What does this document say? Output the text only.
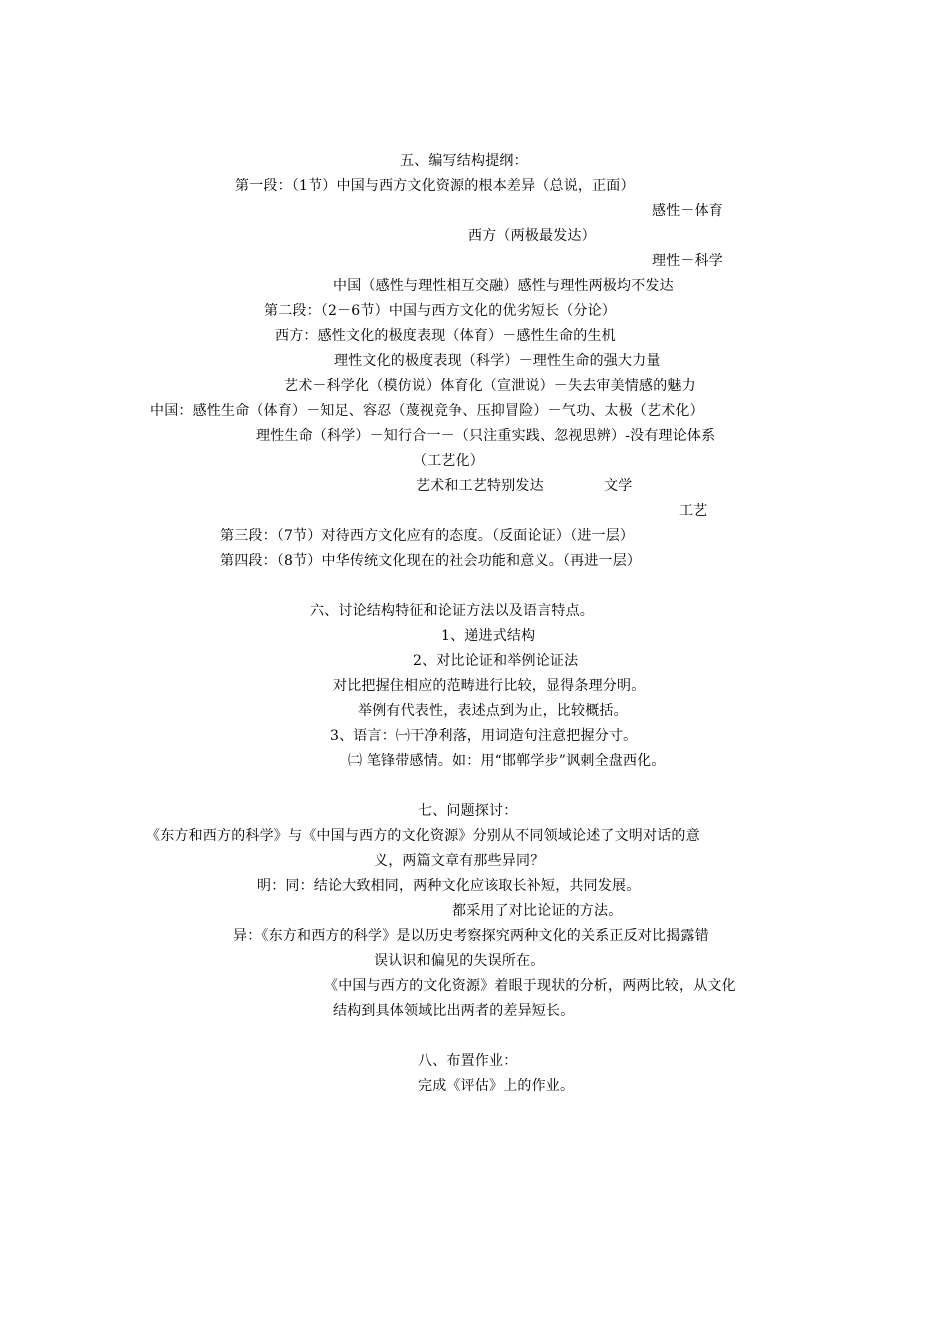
五、编写结构提纲：
第一段：（1节）中国与西方文化资源的根本差异（总说，正面）
感性－体育
西方（两极最发达）
理性－科学
中国（感性与理性相互交融）感性与理性两极均不发达
第二段：（2－6节）中国与西方文化的优劣短长（分论）
西方：感性文化的极度表现（体育）－感性生命的生机
理性文化的极度表现（科学）－理性生命的强大力量
艺术－科学化（模仿说）体育化（宣泄说）－失去审美情感的魅力
中国：感性生命（体育）－知足、容忍（蔑视竞争、压抑冒险）－气功、太极（艺术化）
理性生命（科学）－知行合一－（只注重实践、忽视思辨）-没有理论体系
（工艺化）
艺术和工艺特别发达	文学
工艺
第三段：（7节）对待西方文化应有的态度。（反面论证）（进一层）
第四段：（8节）中华传统文化现在的社会功能和意义。（再进一层）
六、讨论结构特征和论证方法以及语言特点。
1、递进式结构
2、对比论证和举例论证法
对比把握住相应的范畴进行比较，显得条理分明。
举例有代表性，表述点到为止，比较概括。
3、语言：㈠干净利落，用词造句注意把握分寸。
㈡ 笔锋带感情。如：用“邯郸学步”讽刺全盘西化。
七、问题探讨：
《东方和西方的科学》与《中国与西方的文化资源》分别从不同领域论述了文明对话的意
义，两篇文章有那些异同？
明：同：结论大致相同，两种文化应该取长补短，共同发展。
都采用了对比论证的方法。
异：《东方和西方的科学》是以历史考察探究两种文化的关系正反对比揭露错
误认识和偏见的失误所在。
《中国与西方的文化资源》着眼于现状的分析，两两比较，从文化
结构到具体领域比出两者的差异短长。
八、布置作业：
完成《评估》上的作业。
